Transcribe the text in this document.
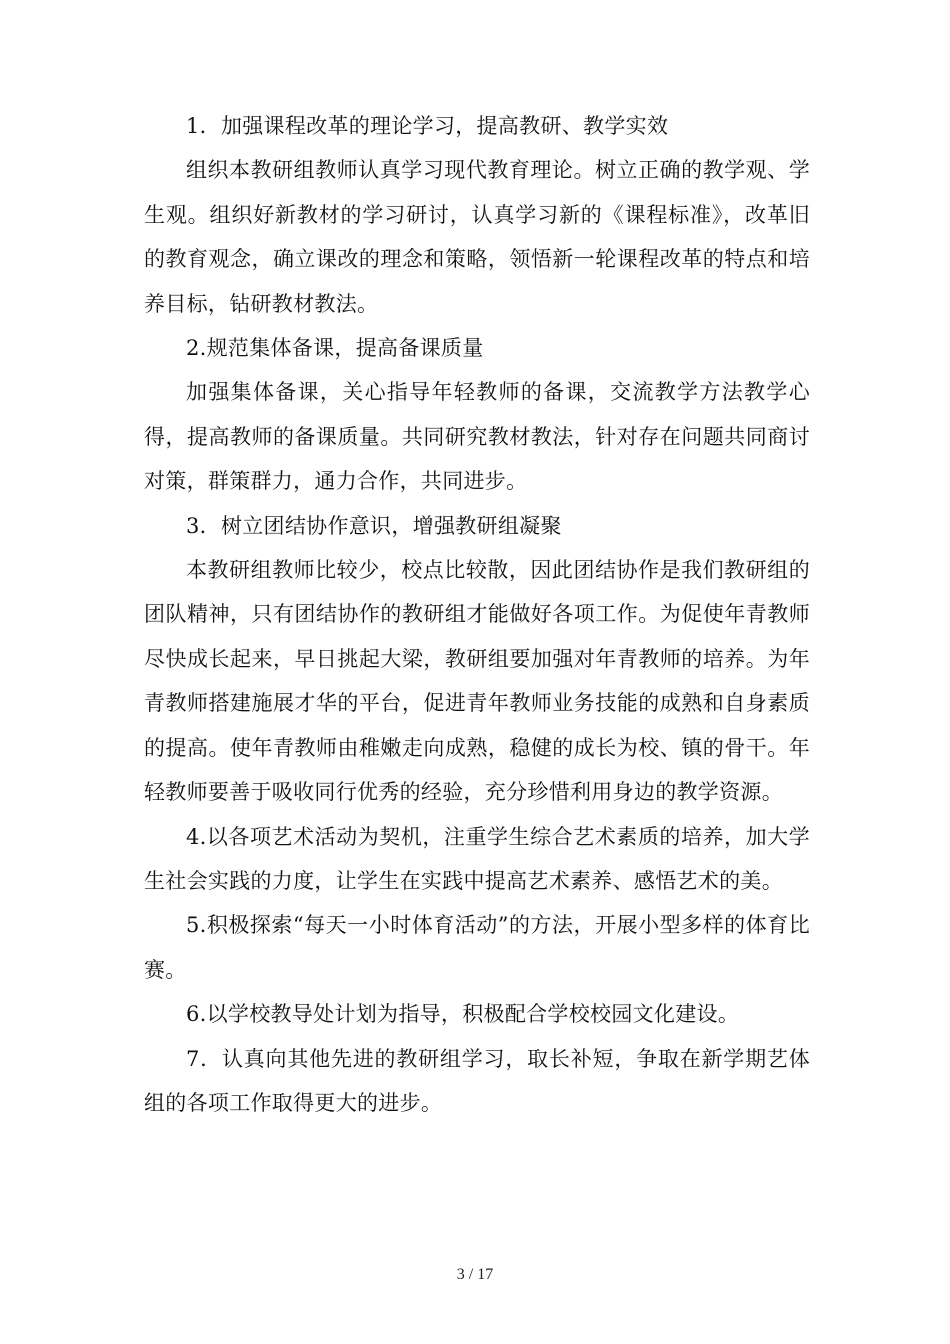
1．加强课程改革的理论学习，提高教研、教学实效

组织本教研组教师认真学习现代教育理论。树立正确的教学观、学生观。组织好新教材的学习研讨，认真学习新的《课程标准》，改革旧的教育观念，确立课改的理念和策略，领悟新一轮课程改革的特点和培养目标，钻研教材教法。

2.规范集体备课，提高备课质量

加强集体备课，关心指导年轻教师的备课，交流教学方法教学心得，提高教师的备课质量。共同研究教材教法，针对存在问题共同商讨对策，群策群力，通力合作，共同进步。

3．树立团结协作意识，增强教研组凝聚

本教研组教师比较少，校点比较散，因此团结协作是我们教研组的团队精神，只有团结协作的教研组才能做好各项工作。为促使年青教师尽快成长起来，早日挑起大梁，教研组要加强对年青教师的培养。为年青教师搭建施展才华的平台，促进青年教师业务技能的成熟和自身素质的提高。使年青教师由稚嫩走向成熟，稳健的成长为校、镇的骨干。年轻教师要善于吸收同行优秀的经验，充分珍惜利用身边的教学资源。

4.以各项艺术活动为契机，注重学生综合艺术素质的培养，加大学生社会实践的力度，让学生在实践中提高艺术素养、感悟艺术的美。

5.积极探索“每天一小时体育活动”的方法，开展小型多样的体育比赛。

6.以学校教导处计划为指导，积极配合学校校园文化建设。

7．认真向其他先进的教研组学习，取长补短，争取在新学期艺体组的各项工作取得更大的进步。

3 / 17
